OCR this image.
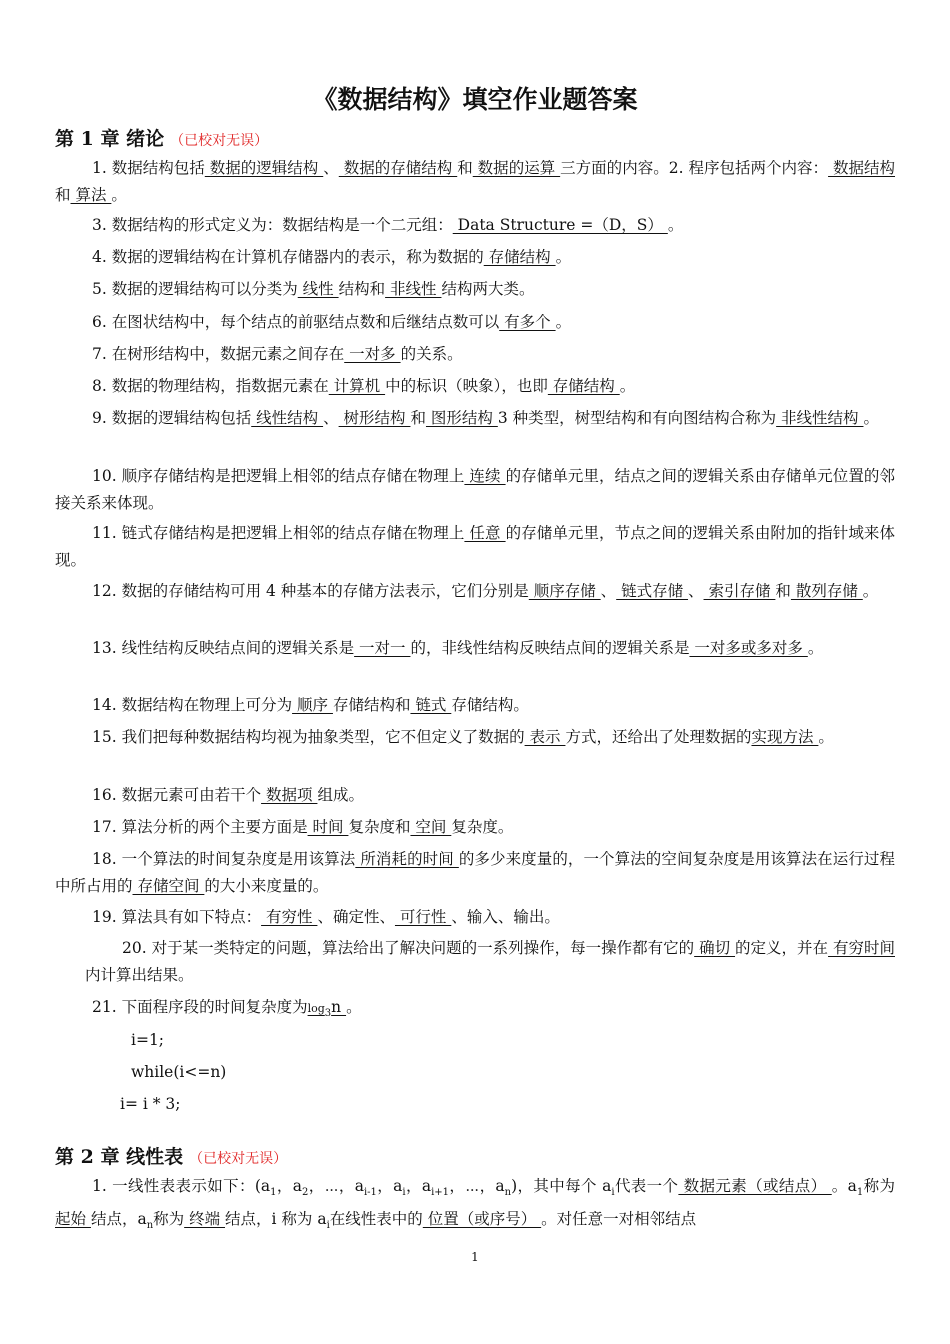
《数据结构》填空作业题答案
第 1 章 绪论 （已校对无误）
1. 数据结构包括 数据的逻辑结构 、 数据的存储结构 和 数据的运算 三方面的内容。2. 程序包括两个内容： 数据结构 和 算法 。
3. 数据结构的形式定义为：数据结构是一个二元组： Data Structure =（D，S） 。
4. 数据的逻辑结构在计算机存储器内的表示，称为数据的 存储结构 。
5. 数据的逻辑结构可以分类为 线性 结构和 非线性 结构两大类。
6. 在图状结构中，每个结点的前驱结点数和后继结点数可以 有多个 。
7. 在树形结构中，数据元素之间存在 一对多 的关系。
8. 数据的物理结构，指数据元素在 计算机 中的标识（映象），也即 存储结构 。
9. 数据的逻辑结构包括 线性结构 、 树形结构 和 图形结构 3 种类型，树型结构和有向图结构合称为 非线性结构 。
10. 顺序存储结构是把逻辑上相邻的结点存储在物理上 连续 的存储单元里，结点之间的逻辑关系由存储单元位置的邻接关系来体现。
11. 链式存储结构是把逻辑上相邻的结点存储在物理上 任意 的存储单元里，节点之间的逻辑关系由附加的指针域来体现。
12. 数据的存储结构可用 4 种基本的存储方法表示，它们分别是 顺序存储 、 链式存储 、 索引存储 和 散列存储 。
13. 线性结构反映结点间的逻辑关系是 一对一 的，非线性结构反映结点间的逻辑关系是 一对多或多对多 。
14. 数据结构在物理上可分为 顺序 存储结构和 链式 存储结构。
15. 我们把每种数据结构均视为抽象类型，它不但定义了数据的 表示 方式，还给出了处理数据的实现方法 。
16. 数据元素可由若干个 数据项 组成。
17. 算法分析的两个主要方面是 时间 复杂度和 空间 复杂度。
18. 一个算法的时间复杂度是用该算法 所消耗的时间 的多少来度量的，一个算法的空间复杂度是用该算法在运行过程中所占用的 存储空间 的大小来度量的。
19. 算法具有如下特点： 有穷性 、确定性、 可行性 、输入、输出。
20. 对于某一类特定的问题，算法给出了解决问题的一系列操作，每一操作都有它的 确切 的定义，并在 有穷时间 内计算出结果。
21. 下面程序段的时间复杂度为$\log_3n$ 。
i=1;
while(i<=n)
i= i * 3;
第 2 章 线性表 （已校对无误）
1. 一线性表表示如下：($a_1$，$a_2$，⋯，$a_{i-1}$，$a_i$，$a_{i+1}$，⋯，$a_n$)，其中每个 $a_i$代表一个 数据元素（或结点） 。$a_1$称为 起始 结点，$a_n$称为 终端 结点，i 称为 $a_i$在线性表中的 位置（或序号） 。对任意一对相邻结点
1
